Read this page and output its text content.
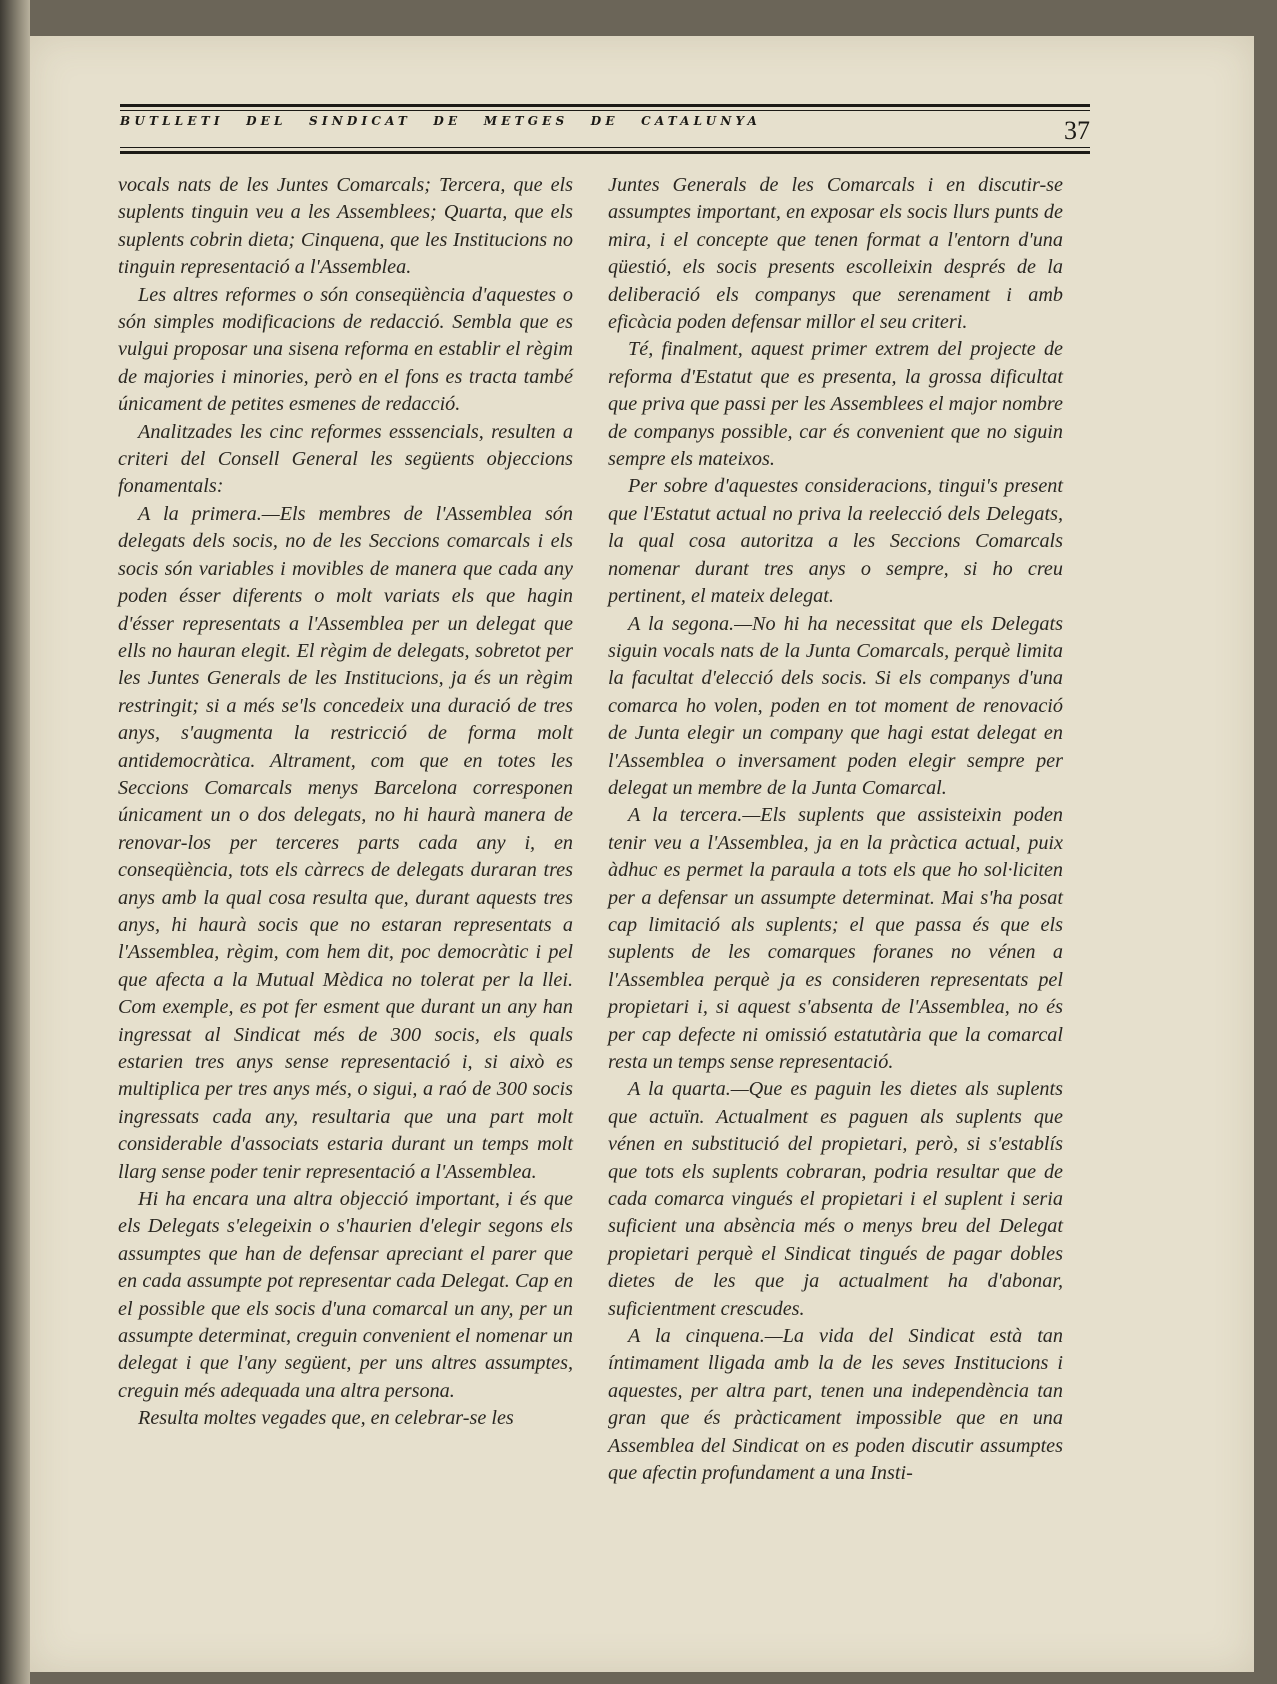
BUTLLETI DEL SINDICAT DE METGES DE CATALUNYA	37

vocals nats de les Juntes Comarcals; Tercera, que els suplents tinguin veu a les Assemblees; Quarta, que els suplents cobrin dieta; Cinquena, que les Institucions no tinguin representació a l'Assemblea.

Les altres reformes o són conseqüència d'aquestes o són simples modificacions de redacció. Sembla que es vulgui proposar una sisena reforma en establir el règim de majories i minories, però en el fons es tracta també únicament de petites esmenes de redacció.

Analitzades les cinc reformes esssencials, resulten a criteri del Consell General les següents objeccions fonamentals:

A la primera.—Els membres de l'Assemblea són delegats dels socis, no de les Seccions comarcals i els socis són variables i movibles de manera que cada any poden ésser diferents o molt variats els que hagin d'ésser representats a l'Assemblea per un delegat que ells no hauran elegit. El règim de delegats, sobretot per les Juntes Generals de les Institucions, ja és un règim restringit; si a més se'ls concedeix una duració de tres anys, s'augmenta la restricció de forma molt antidemocràtica. Altrament, com que en totes les Seccions Comarcals menys Barcelona corresponen únicament un o dos delegats, no hi haurà manera de renovar-los per terceres parts cada any i, en conseqüència, tots els càrrecs de delegats duraran tres anys amb la qual cosa resulta que, durant aquests tres anys, hi haurà socis que no estaran representats a l'Assemblea, règim, com hem dit, poc democràtic i pel que afecta a la Mutual Mèdica no tolerat per la llei. Com exemple, es pot fer esment que durant un any han ingressat al Sindicat més de 300 socis, els quals estarien tres anys sense representació i, si això es multiplica per tres anys més, o sigui, a raó de 300 socis ingressats cada any, resultaria que una part molt considerable d'associats estaria durant un temps molt llarg sense poder tenir representació a l'Assemblea.

Hi ha encara una altra objecció important, i és que els Delegats s'elegeixin o s'haurien d'elegir segons els assumptes que han de defensar apreciant el parer que en cada assumpte pot representar cada Delegat. Cap en el possible que els socis d'una comarcal un any, per un assumpte determinat, creguin convenient el nomenar un delegat i que l'any següent, per uns altres assumptes, creguin més adequada una altra persona.

Resulta moltes vegades que, en celebrar-se les

Juntes Generals de les Comarcals i en discutir-se assumptes important, en exposar els socis llurs punts de mira, i el concepte que tenen format a l'entorn d'una qüestió, els socis presents escolleixin després de la deliberació els companys que serenament i amb eficàcia poden defensar millor el seu criteri.

Té, finalment, aquest primer extrem del projecte de reforma d'Estatut que es presenta, la grossa dificultat que priva que passi per les Assemblees el major nombre de companys possible, car és convenient que no siguin sempre els mateixos.

Per sobre d'aquestes consideracions, tingui's present que l'Estatut actual no priva la reelecció dels Delegats, la qual cosa autoritza a les Seccions Comarcals nomenar durant tres anys o sempre, si ho creu pertinent, el mateix delegat.

A la segona.—No hi ha necessitat que els Delegats siguin vocals nats de la Junta Comarcals, perquè limita la facultat d'elecció dels socis. Si els companys d'una comarca ho volen, poden en tot moment de renovació de Junta elegir un company que hagi estat delegat en l'Assemblea o inversament poden elegir sempre per delegat un membre de la Junta Comarcal.

A la tercera.—Els suplents que assisteixin poden tenir veu a l'Assemblea, ja en la pràctica actual, puix àdhuc es permet la paraula a tots els que ho sol·liciten per a defensar un assumpte determinat. Mai s'ha posat cap limitació als suplents; el que passa és que els suplents de les comarques foranes no vénen a l'Assemblea perquè ja es consideren representats pel propietari i, si aquest s'absenta de l'Assemblea, no és per cap defecte ni omissió estatutària que la comarcal resta un temps sense representació.

A la quarta.—Que es paguin les dietes als suplents que actuïn. Actualment es paguen als suplents que vénen en substitució del propietari, però, si s'establís que tots els suplents cobraran, podria resultar que de cada comarca vingués el propietari i el suplent i seria suficient una absència més o menys breu del Delegat propietari perquè el Sindicat tingués de pagar dobles dietes de les que ja actualment ha d'abonar, suficientment crescudes.

A la cinquena.—La vida del Sindicat està tan íntimament lligada amb la de les seves Institucions i aquestes, per altra part, tenen una independència tan gran que és pràcticament impossible que en una Assemblea del Sindicat on es poden discutir assumptes que afectin profundament a una Insti-
